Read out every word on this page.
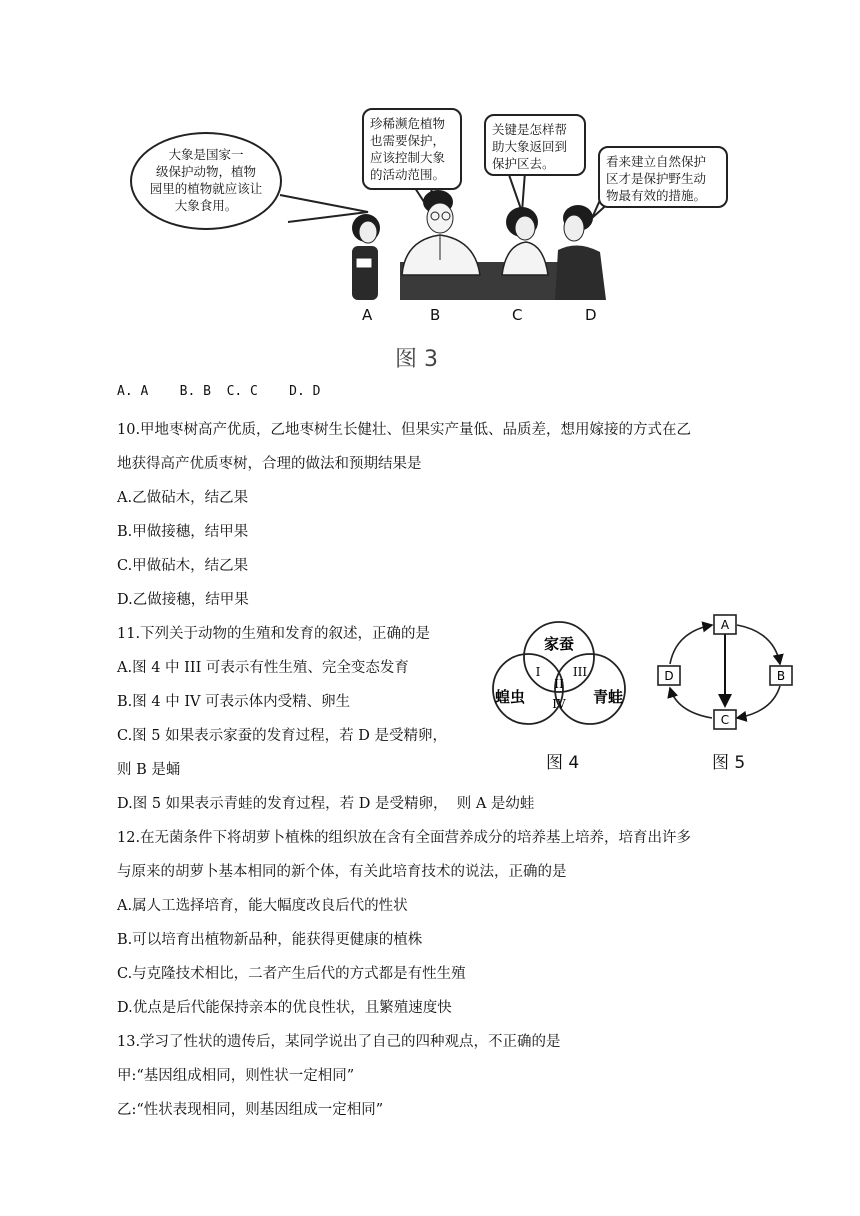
大象是国家一
级保护动物，植物
园里的植物就应该让
大象食用。
珍稀濒危植物
也需要保护，
应该控制大象
的活动范围。
关键是怎样帮
助大象返回到
保护区去。	看来建立自然保护
区才是保护野生动
物最有效的措施。
A	B	C	D
图 3
A. A    B. B  C. C    D. D
10.甲地枣树高产优质，乙地枣树生长健壮、但果实产量低、品质差，想用嫁接的方式在乙
地获得高产优质枣树，合理的做法和预期结果是
A.乙做砧木，结乙果
B.甲做接穗，结甲果
C.甲做砧木，结乙果
D.乙做接穗，结甲果
11.下列关于动物的生殖和发育的叙述，正确的是
A.图 4 中 III 可表示有性生殖、完全变态发育
B.图 4 中 IV 可表示体内受精、卵生
C.图 5 如果表示家蚕的发育过程，若 D 是受精卵，
则 B 是蛹
D.图 5 如果表示青蛙的发育过程，若 D 是受精卵，  则 A 是幼蛙
家蚕
蝗虫	青蛙
I
II
III
IV
图 4
A
B
C
D
图 5
12.在无菌条件下将胡萝卜植株的组织放在含有全面营养成分的培养基上培养，培育出许多
与原来的胡萝卜基本相同的新个体，有关此培育技术的说法，正确的是
A.属人工选择培育，能大幅度改良后代的性状
B.可以培育出植物新品种，能获得更健康的植株
C.与克隆技术相比，二者产生后代的方式都是有性生殖
D.优点是后代能保持亲本的优良性状，且繁殖速度快
13.学习了性状的遗传后，某同学说出了自己的四种观点，不正确的是
甲:“基因组成相同，则性状一定相同”
乙:“性状表现相同，则基因组成一定相同”
